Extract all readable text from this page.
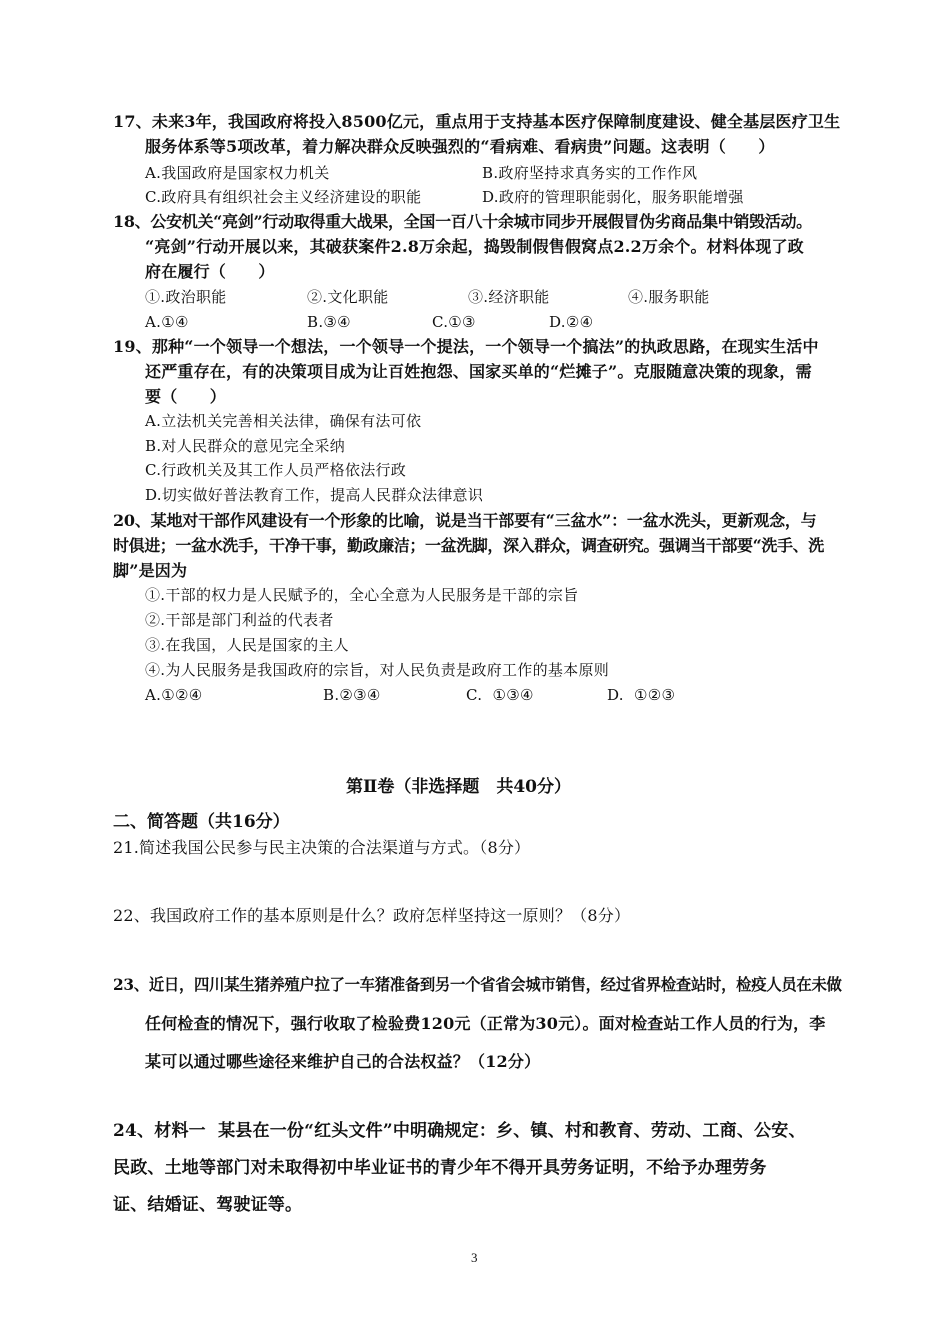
17、未来3年，我国政府将投入8500亿元，重点用于支持基本医疗保障制度建设、健全基层医疗卫生
服务体系等5项改革，着力解决群众反映强烈的“看病难、看病贵”问题。这表明（　　）
A.我国政府是国家权力机关	B.政府坚持求真务实的工作作风
C.政府具有组织社会主义经济建设的职能	D.政府的管理职能弱化，服务职能增强
18、公安机关“亮剑”行动取得重大战果，全国一百八十余城市同步开展假冒伪劣商品集中销毁活动。
“亮剑”行动开展以来，其破获案件2.8万余起，捣毁制假售假窝点2.2万余个。材料体现了政
府在履行（　　）
①.政治职能	②.文化职能	③.经济职能	④.服务职能
A.①④	B.③④	C.①③	D.②④
19、那种“一个领导一个想法，一个领导一个提法，一个领导一个搞法”的执政思路，在现实生活中
还严重存在，有的决策项目成为让百姓抱怨、国家买单的“烂摊子”。克服随意决策的现象，需
要（　　）
A.立法机关完善相关法律，确保有法可依
B.对人民群众的意见完全采纳
C.行政机关及其工作人员严格依法行政
D.切实做好普法教育工作，提高人民群众法律意识
20、某地对干部作风建设有一个形象的比喻，说是当干部要有“三盆水”：一盆水洗头，更新观念，与
时俱进；一盆水洗手，干净干事，勤政廉洁；一盆洗脚，深入群众，调查研究。强调当干部要“洗手、洗
脚”是因为
①.干部的权力是人民赋予的，全心全意为人民服务是干部的宗旨
②.干部是部门利益的代表者
③.在我国，人民是国家的主人
④.为人民服务是我国政府的宗旨，对人民负责是政府工作的基本原则
A.①②④	B.②③④	C.  ①③④	D.  ①②③
第Ⅱ卷（非选择题　共40分）
二、简答题（共16分）
21.简述我国公民参与民主决策的合法渠道与方式。（8分）
22、我国政府工作的基本原则是什么？政府怎样坚持这一原则？（8分）
23、近日，四川某生猪养殖户拉了一车猪准备到另一个省省会城市销售，经过省界检查站时，检疫人员在未做
任何检查的情况下，强行收取了检验费120元（正常为30元）。面对检查站工作人员的行为，李
某可以通过哪些途径来维护自己的合法权益？（12分）
24、材料一  某县在一份“红头文件”中明确规定：乡、镇、村和教育、劳动、工商、公安、
民政、土地等部门对未取得初中毕业证书的青少年不得开具劳务证明，不给予办理劳务
证、结婚证、驾驶证等。
3
